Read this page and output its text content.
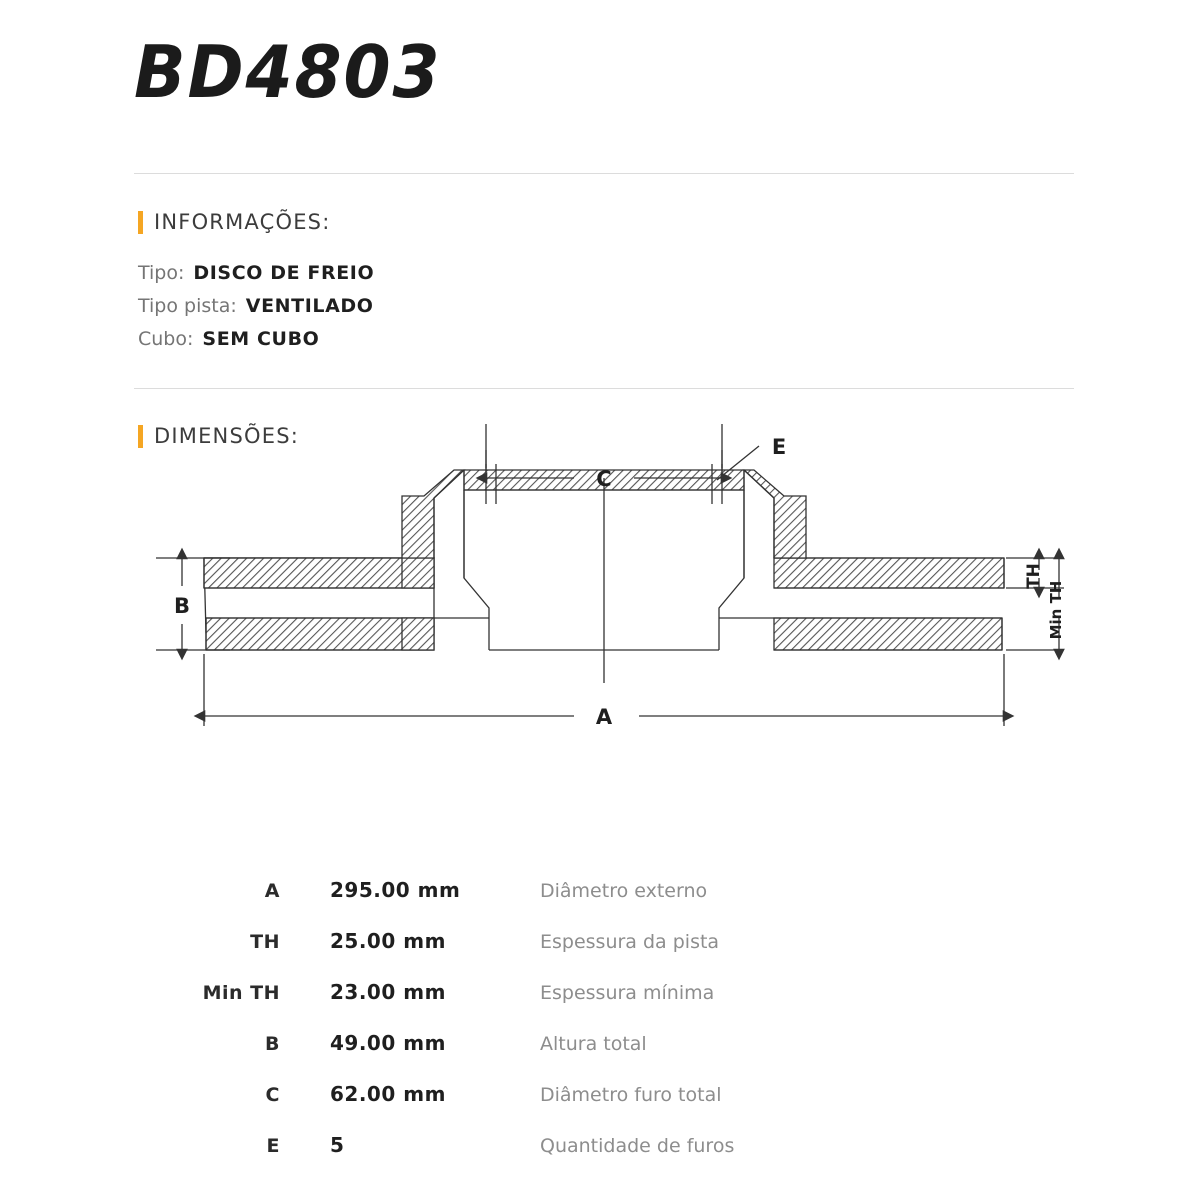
BD4803
INFORMAÇÕES:
Tipo: DISCO DE FREIO
Tipo pista: VENTILADO
Cubo: SEM CUBO
DIMENSÕES:
C
B
A
E
TH
Min TH
A	295.00 mm	Diâmetro externo
TH	25.00 mm	Espessura da pista
Min TH	23.00 mm	Espessura mínima
B	49.00 mm	Altura total
C	62.00 mm	Diâmetro furo total
E	5	Quantidade de furos
